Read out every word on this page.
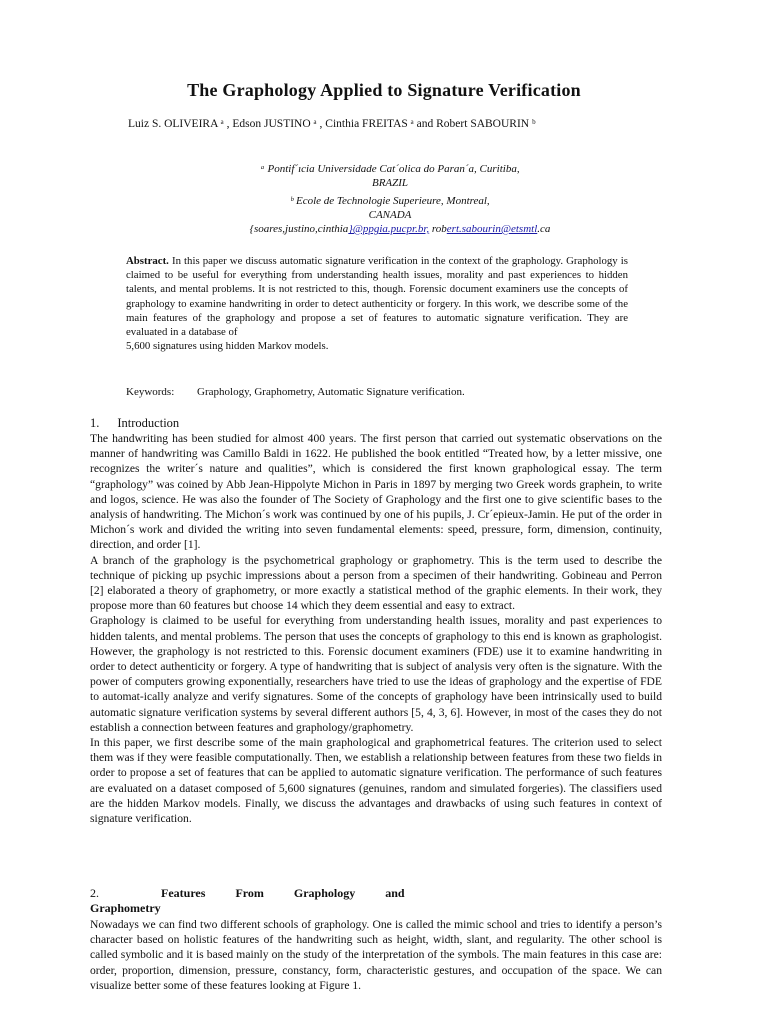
The Graphology Applied to Signature Verification
Luiz S. OLIVEIRA ᵃ , Edson JUSTINO ᵃ , Cinthia FREITAS ᵃ and Robert SABOURIN ᵇ
ᵃ Pontif´ıcia Universidade Cat´olica do Paran´a, Curitiba,
BRAZIL
ᵇ Ecole de Technologie Superieure, Montreal,
CANADA
{soares,justino,cinthia}@ppgia.pucpr.br, robert.sabourin@etsmtl.ca
Abstract. In this paper we discuss automatic signature verification in the context of the graphology. Graphology is claimed to be useful for everything from understanding health issues, morality and past experiences to hidden talents, and mental problems. It is not restricted to this, though. Forensic document examiners use the concepts of graphology to examine handwriting in order to detect authenticity or forgery. In this work, we describe some of the main features of the graphology and propose a set of features to automatic signature verification. They are evaluated in a database of
5,600 signatures using hidden Markov models.
Keywords: Graphology, Graphometry, Automatic Signature verification.
1. Introduction

The handwriting has been studied for almost 400 years. The first person that carried out systematic observations on the manner of handwriting was Camillo Baldi in 1622. He published the book entitled “Treated how, by a letter missive, one recognizes the writer´s nature and qualities”, which is considered the first known graphological essay. The term “graphology” was coined by Abb Jean-Hippolyte Michon in Paris in 1897 by merging two Greek words graphein, to write and logos, science. He was also the founder of The Society of Graphology and the first one to give scientific bases to the analysis of handwriting. The Michon´s work was continued by one of his pupils, J. Cr´epieux-Jamin. He put of the order in Michon´s work and divided the writing into seven fundamental elements: speed, pressure, form, dimension, continuity, direction, and order [1].

A branch of the graphology is the psychometrical graphology or graphometry. This is the term used to describe the technique of picking up psychic impressions about a person from a specimen of their handwriting. Gobineau and Perron [2] elaborated a theory of graphometry, or more exactly a statistical method of the graphic elements. In their work, they propose more than 60 features but choose 14 which they deem essential and easy to extract.

Graphology is claimed to be useful for everything from understanding health issues, morality and past experiences to hidden talents, and mental problems. The person that uses the concepts of graphology to this end is known as graphologist. However, the graphology is not restricted to this. Forensic document examiners (FDE) use it to examine handwriting in order to detect authenticity or forgery. A type of handwriting that is subject of analysis very often is the signature. With the power of computers growing exponentially, researchers have tried to use the ideas of graphology and the expertise of FDE to automat-ically analyze and verify signatures. Some of the concepts of graphology have been intrinsically used to build automatic signature verification systems by several different authors [5, 4, 3, 6]. However, in most of the cases they do not establish a connection between features and graphology/graphometry.

In this paper, we first describe some of the main graphological and graphometrical features. The criterion used to select them was if they were feasible computationally. Then, we establish a relationship between features from these two fields in order to propose a set of features that can be applied to automatic signature verification. The performance of such features are evaluated on a dataset composed of 5,600 signatures (genuines, random and simulated forgeries). The classifiers used are the hidden Markov models. Finally, we discuss the advantages and drawbacks of using such features in context of signature verification.

2.	Features	From	Graphology	and
Graphometry

Nowadays we can find two different schools of graphology. One is called the mimic school and tries to identify a person’s character based on holistic features of the handwriting such as height, width, slant, and regularity. The other school is called symbolic and it is based mainly on the study of the interpretation of the symbols. The main features in this case are: order, proportion, dimension, pressure, constancy, form, characteristic gestures, and occupation of the space. We can visualize better some of these features looking at Figure 1.
